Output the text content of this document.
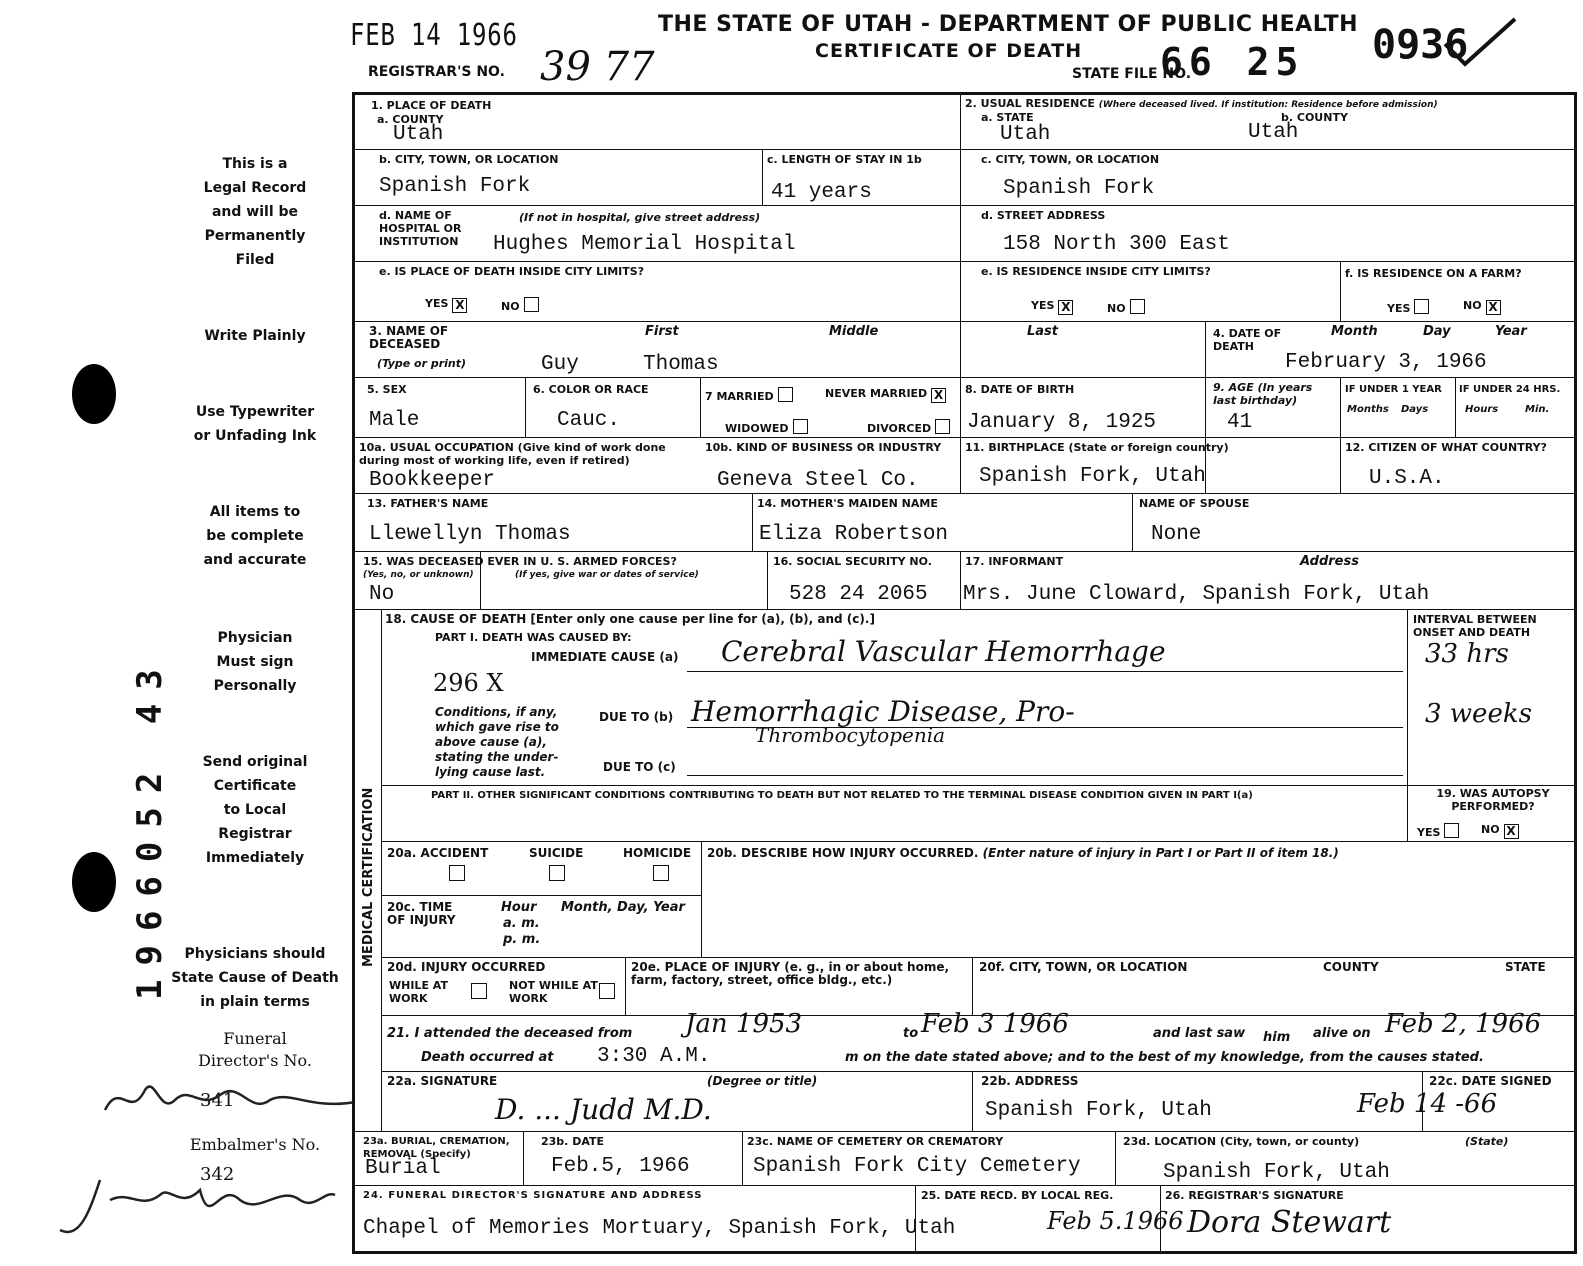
FEB 14 1966
REGISTRAR'S NO. 39 77
THE STATE OF UTAH - DEPARTMENT OF PUBLIC HEALTH
CERTIFICATE OF DEATH
STATE FILE NO.
66 25 0936
This is a
Legal Record
and will be
Permanently
Filed
Write Plainly
Use Typewriter
or Unfading Ink
All items to
be complete
and accurate
Physician
Must sign
Personally
Send original
Certificate
to Local
Registrar
Immediately
Physicians should
State Cause of Death
in plain terms
Funeral
Director's No.
341
Embalmer's No.
342
1966052 43
1. PLACE OF DEATH
a. COUNTY
Utah
2. USUAL RESIDENCE (Where deceased lived. If institution: Residence before admission)
a. STATE
Utah
b. COUNTY
Utah
b. CITY, TOWN, OR LOCATION
Spanish Fork
c. LENGTH OF STAY IN 1b
41 years
c. CITY, TOWN, OR LOCATION
Spanish Fork
d. NAME OF HOSPITAL OR INSTITUTION
(If not in hospital, give street address)
Hughes Memorial Hospital
d. STREET ADDRESS
158 North 300 East
e. IS PLACE OF DEATH INSIDE CITY LIMITS?
YES X	NO
e. IS RESIDENCE INSIDE CITY LIMITS?
YES X	NO
f. IS RESIDENCE ON A FARM?
YES	NO X
3. NAME OF DECEASED
(Type or print)
First	Middle	Last
Guy	Thomas
4. DATE OF DEATH
Month	Day	Year
February 3, 1966
5. SEX
Male
6. COLOR OR RACE
Cauc.
7 MARRIED	NEVER MARRIED X
WIDOWED	DIVORCED
8. DATE OF BIRTH
January 8, 1925
9. AGE (In years last birthday)
41
IF UNDER 1 YEAR IF UNDER 24 HRS.
Months Days	Hours	Min.
10a. USUAL OCCUPATION (Give kind of work done during most of working life, even if retired)
Bookkeeper
10b. KIND OF BUSINESS OR INDUSTRY
Geneva Steel Co.
11. BIRTHPLACE (State or foreign country)
Spanish Fork, Utah
12. CITIZEN OF WHAT COUNTRY?
U.S.A.
13. FATHER'S NAME
Llewellyn Thomas
14. MOTHER'S MAIDEN NAME
Eliza Robertson
NAME OF SPOUSE
None
15. WAS DECEASED EVER IN U. S. ARMED FORCES?
(Yes, no, or unknown)	(If yes, give war or dates of service)
No
16. SOCIAL SECURITY NO.
528 24 2065
17. INFORMANT	Address
Mrs. June Cloward, Spanish Fork, Utah
MEDICAL CERTIFICATION
18. CAUSE OF DEATH [Enter only one cause per line for (a), (b), and (c).]
PART I. DEATH WAS CAUSED BY:
IMMEDIATE CAUSE (a) Cerebral Vascular Hemorrhage
INTERVAL BETWEEN ONSET AND DEATH
33 hrs
296 X
Conditions, if any,
which gave rise to
above cause (a),
stating the under-
lying cause last.
DUE TO (b) Hemorrhagic Disease, Pro-
Thrombocytopenia
3 weeks
DUE TO (c)
PART II. OTHER SIGNIFICANT CONDITIONS CONTRIBUTING TO DEATH BUT NOT RELATED TO THE TERMINAL DISEASE CONDITION GIVEN IN PART I(a)	19. WAS AUTOPSY PERFORMED?
YES	NO X
20a. ACCIDENT	SUICIDE	HOMICIDE 20b. DESCRIBE HOW INJURY OCCURRED. (Enter nature of injury in Part I or Part II of item 18.)
20c. TIME OF INJURY
Hour
a. m.
p. m.
Month, Day, Year
20d. INJURY OCCURRED
WHILE AT WORK
NOT WHILE AT WORK
20e. PLACE OF INJURY (e. g., in or about home, farm, factory, street, office bldg., etc.)
20f. CITY, TOWN, OR LOCATION	COUNTY	STATE
21. I attended the deceased from Jan 1953	to Feb 3 1966	and last saw him alive on Feb 2, 1966
Death occurred at 3:30 A.M.	m on the date stated above; and to the best of my knowledge, from the causes stated.
22a. SIGNATURE	(Degree or title)
D. ... Judd M.D.
22b. ADDRESS
Spanish Fork, Utah
22c. DATE SIGNED
Feb 14 -66
23a. BURIAL, CREMATION, REMOVAL (Specify)
Burial
23b. DATE
Feb.5, 1966
23c. NAME OF CEMETERY OR CREMATORY
Spanish Fork City Cemetery
23d. LOCATION (City, town, or county)	(State)
Spanish Fork, Utah
24. FUNERAL DIRECTOR'S SIGNATURE AND ADDRESS
Chapel of Memories Mortuary, Spanish Fork, Utah
25. DATE RECD. BY LOCAL REG.
Feb 5.1966
26. REGISTRAR'S SIGNATURE
Dora Stewart
